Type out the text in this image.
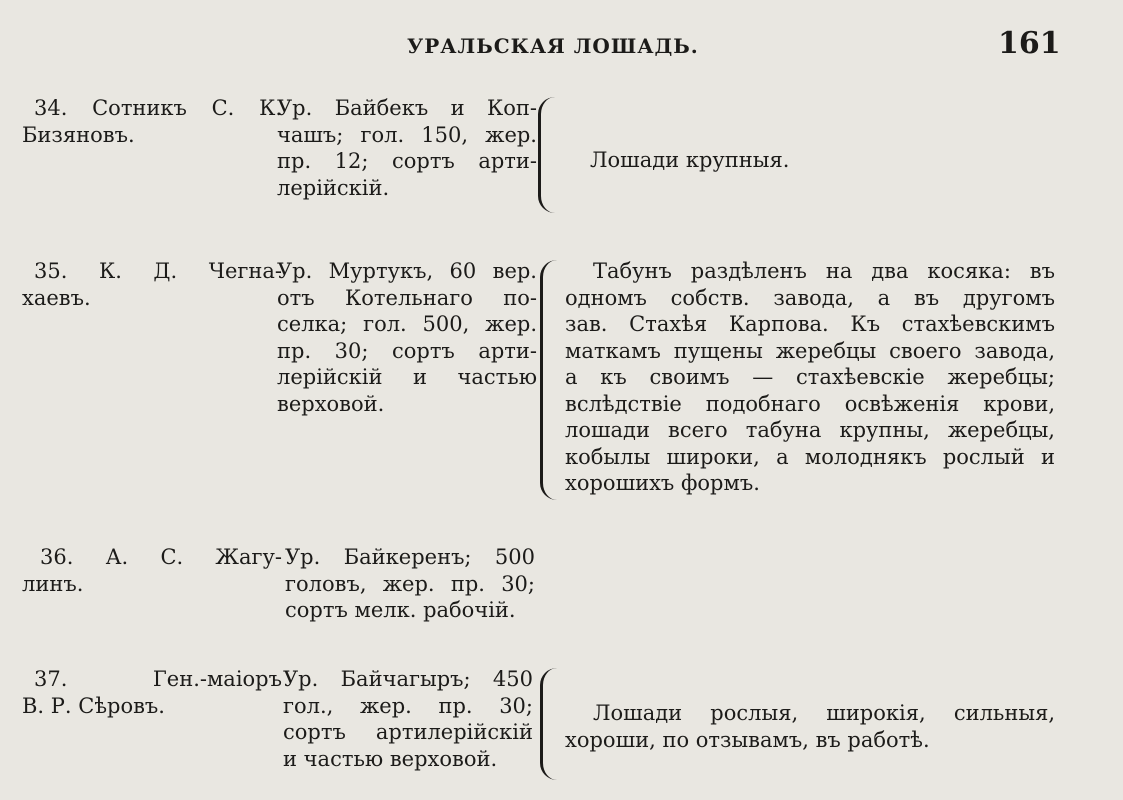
УРАЛЬСКАЯ ЛОШАДЬ.	161
34. Сотникъ С. К.
Бизяновъ.
Ур. Байбекъ и Коп-
чашъ; гол. 150, жер.
пр. 12; сортъ арти-
лерійскій.
Лошади крупныя.
35. К. Д. Чегна-
хаевъ.
Ур. Муртукъ, 60 вер.
отъ Котельнаго по-
селка; гол. 500, жер.
пр. 30; сортъ арти-
лерійскій и частью
верховой.
Табунъ раздѣленъ на два косяка: въ
одномъ собств. завода, а въ другомъ
зав. Стахѣя Карпова. Къ стахѣевскимъ
маткамъ пущены жеребцы своего завода,
а къ своимъ — стахѣевскіе жеребцы;
вслѣдствіе подобнаго освѣженія крови,
лошади всего табуна крупны, жеребцы,
кобылы широки, а молоднякъ рослый и
хорошихъ формъ.
36. А. С. Жагу-
линъ.
Ур. Байкеренъ; 500
головъ, жер. пр. 30;
сортъ мелк. рабочій.
37. Ген.-маіоръ
В. Р. Сѣровъ.
Ур. Байчагыръ; 450
гол., жер. пр. 30;
сортъ артилерійскій
и частью верховой.
Лошади рослыя, широкія, сильныя,
хороши, по отзывамъ, въ работѣ.
